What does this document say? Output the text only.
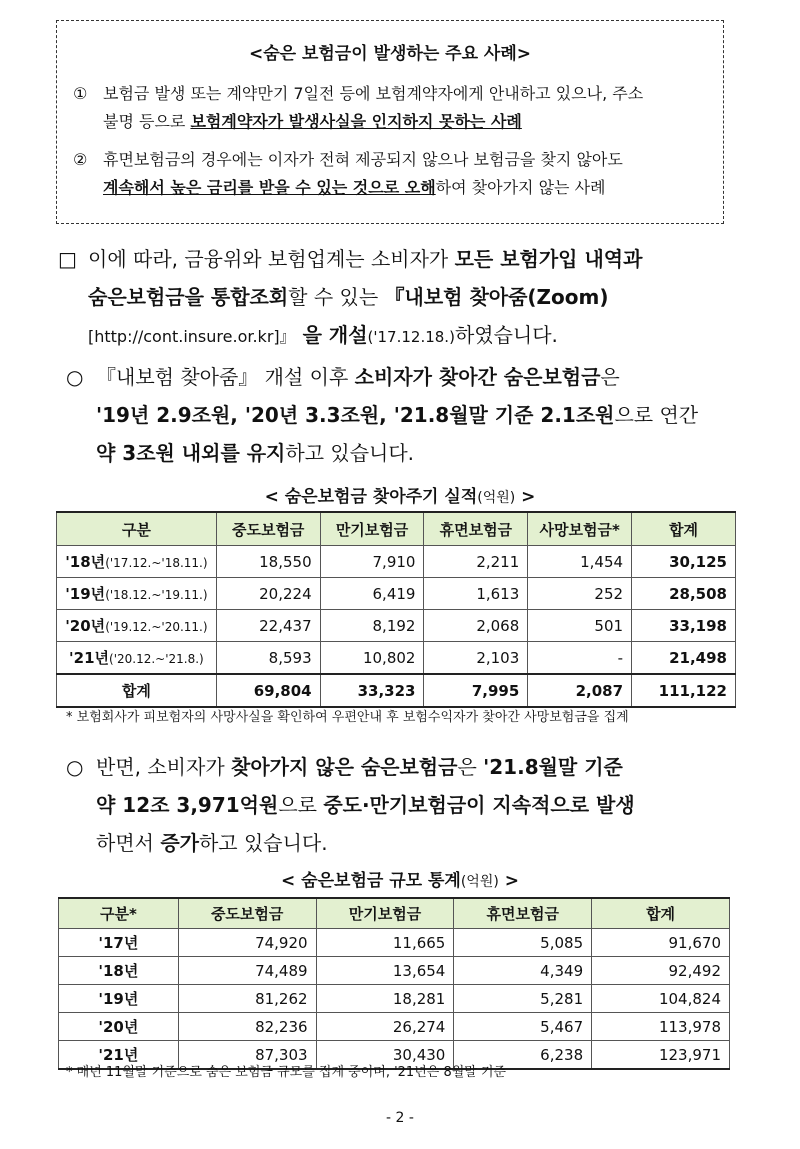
<숨은 보험금이 발생하는 주요 사례>
① 보험금 발생 또는 계약만기 7일전 등에 보험계약자에게 안내하고 있으나, 주소
불명 등으로 보험계약자가 발생사실을 인지하지 못하는 사례
② 휴면보험금의 경우에는 이자가 전혀 제공되지 않으나 보험금을 찾지 않아도
계속해서 높은 금리를 받을 수 있는 것으로 오해하여 찾아가지 않는 사례
□ 이에 따라, 금융위와 보험업계는 소비자가 모든 보험가입 내역과
숨은보험금을 통합조회할 수 있는 『내보험 찾아줌(Zoom)
[http://cont.insure.or.kr]』 을 개설('17.12.18.)하였습니다.
○ 『내보험 찾아줌』 개설 이후 소비자가 찾아간 숨은보험금은
'19년 2.9조원, '20년 3.3조원, '21.8월말 기준 2.1조원으로 연간
약 3조원 내외를 유지하고 있습니다.
< 숨은보험금 찾아주기 실적(억원) >
구분	중도보험금	만기보험금	휴면보험금	사망보험금*	합계
'18년('17.12.~'18.11.)	18,550	7,910	2,211	1,454	30,125
'19년('18.12.~'19.11.)	20,224	6,419	1,613	252	28,508
'20년('19.12.~'20.11.)	22,437	8,192	2,068	501	33,198
'21년('20.12.~'21.8.)	8,593	10,802	2,103	-	21,498
합계	69,804	33,323	7,995	2,087	111,122
* 보험회사가 피보험자의 사망사실을 확인하여 우편안내 후 보험수익자가 찾아간 사망보험금을 집계
○ 반면, 소비자가 찾아가지 않은 숨은보험금은 '21.8월말 기준
약 12조 3,971억원으로 중도·만기보험금이 지속적으로 발생
하면서 증가하고 있습니다.
< 숨은보험금 규모 통계(억원) >
구분*	중도보험금	만기보험금	휴면보험금	합계
'17년	74,920	11,665	5,085	91,670
'18년	74,489	13,654	4,349	92,492
'19년	81,262	18,281	5,281	104,824
'20년	82,236	26,274	5,467	113,978
'21년	87,303	30,430	6,238	123,971
* 매년 11월말 기준으로 숨은 보험금 규모를 집계 중이며, '21년은 8월말 기준
- 2 -
